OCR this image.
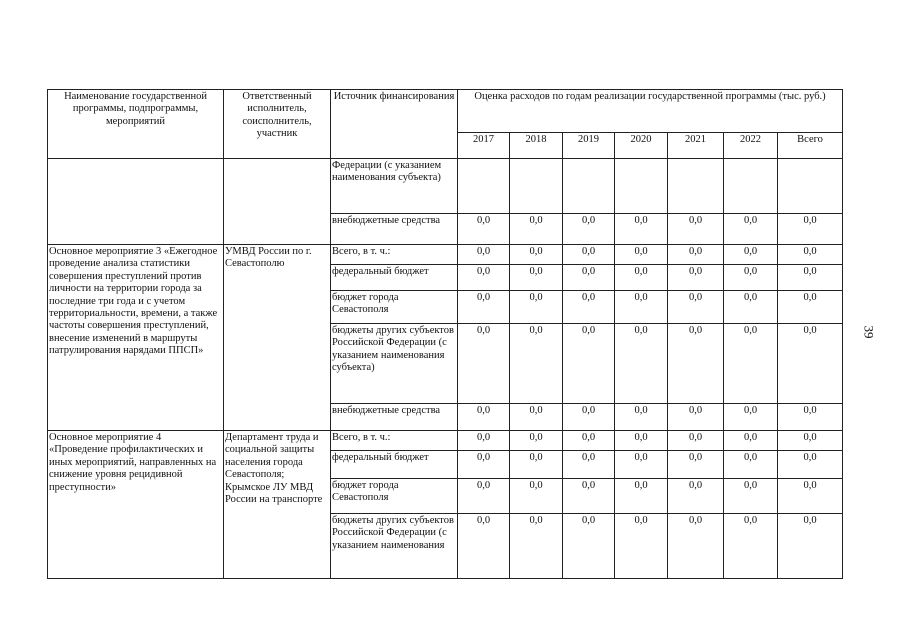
Наименование государственной программы, подпрограммы, мероприятий	Ответственный исполнитель, соисполнитель, участник	Источник финансирования	Оценка расходов по годам реализации государственной программы (тыс. руб.)						
			2017	2018	2019	2020	2021	2022	Всего
		Федерации (с указанием наименования субъекта)							
		внебюджетные средства	0,0	0,0	0,0	0,0	0,0	0,0	0,0
Основное мероприятие 3 «Ежегодное проведение анализа статистики совершения преступлений против личности на территории города за последние три года и с учетом территориальности, времени, а также частоты совершения преступлений, внесение изменений в маршруты патрулирования нарядами ППСП»	УМВД России по г. Севастополю	Всего, в т. ч.:	0,0	0,0	0,0	0,0	0,0	0,0	0,0
		федеральный бюджет	0,0	0,0	0,0	0,0	0,0	0,0	0,0
		бюджет города Севастополя	0,0	0,0	0,0	0,0	0,0	0,0	0,0
		бюджеты других субъектов Российской Федерации (с указанием наименования субъекта)	0,0	0,0	0,0	0,0	0,0	0,0	0,0
		внебюджетные средства	0,0	0,0	0,0	0,0	0,0	0,0	0,0
Основное мероприятие 4 «Проведение профилактических и иных мероприятий, направленных на снижение уровня рецидивной преступности»	Департамент труда и социальной защиты населения города Севастополя; Крымское ЛУ МВД России на транспорте	Всего, в т. ч.:	0,0	0,0	0,0	0,0	0,0	0,0	0,0
		федеральный бюджет	0,0	0,0	0,0	0,0	0,0	0,0	0,0
		бюджет города Севастополя	0,0	0,0	0,0	0,0	0,0	0,0	0,0
		бюджеты других субъектов Российской Федерации (с указанием наименования	0,0	0,0	0,0	0,0	0,0	0,0	0,0
39
